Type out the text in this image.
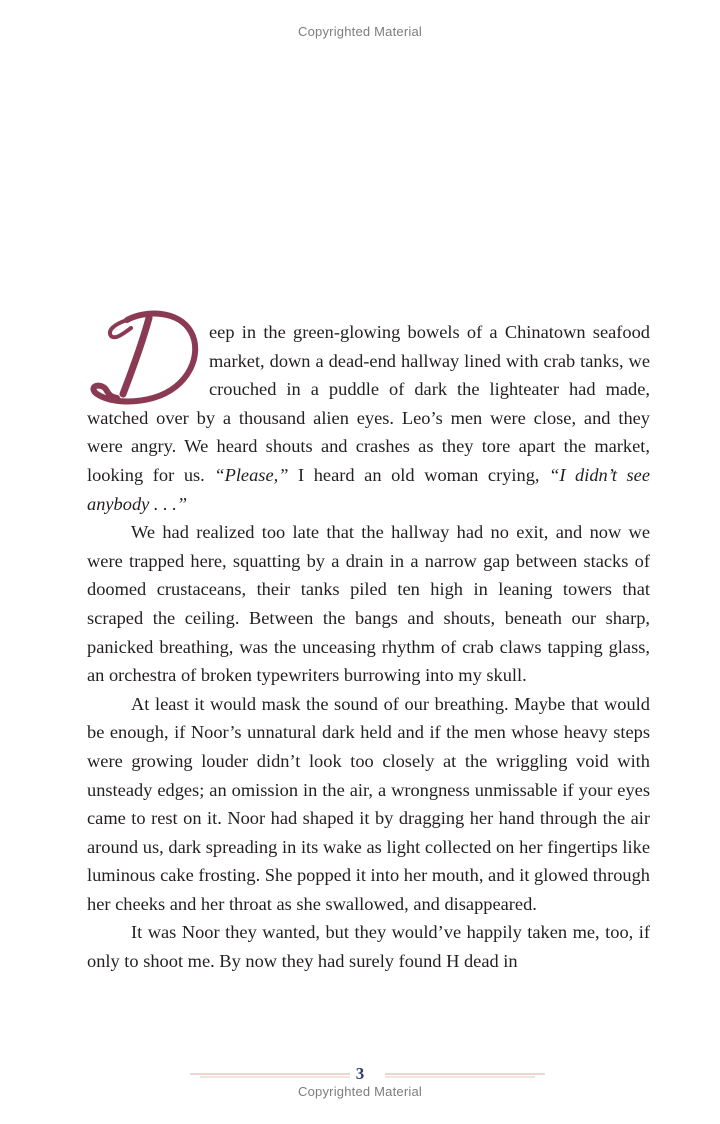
Copyrighted Material

eep in the green-glowing bowels of a Chinatown seafood market, down a dead-end hallway lined with crab tanks, we crouched in a puddle of dark the lighteater had made, watched over by a thousand alien eyes. Leo’s men were close, and they were angry. We heard shouts and crashes as they tore apart the market, looking for us. “Please,” I heard an old woman crying, “I didn’t see anybody . . .”

We had realized too late that the hallway had no exit, and now we were trapped here, squatting by a drain in a narrow gap between stacks of doomed crustaceans, their tanks piled ten high in leaning towers that scraped the ceiling. Between the bangs and shouts, beneath our sharp, panicked breathing, was the unceasing rhythm of crab claws tapping glass, an orchestra of broken typewriters burrowing into my skull.

At least it would mask the sound of our breathing. Maybe that would be enough, if Noor’s unnatural dark held and if the men whose heavy steps were growing louder didn’t look too closely at the wriggling void with unsteady edges; an omission in the air, a wrongness unmissable if your eyes came to rest on it. Noor had shaped it by dragging her hand through the air around us, dark spreading in its wake as light collected on her fingertips like luminous cake frosting. She popped it into her mouth, and it glowed through her cheeks and her throat as she swallowed, and disappeared.

It was Noor they wanted, but they would’ve happily taken me, too, if only to shoot me. By now they had surely found H dead in

3
Copyrighted Material
